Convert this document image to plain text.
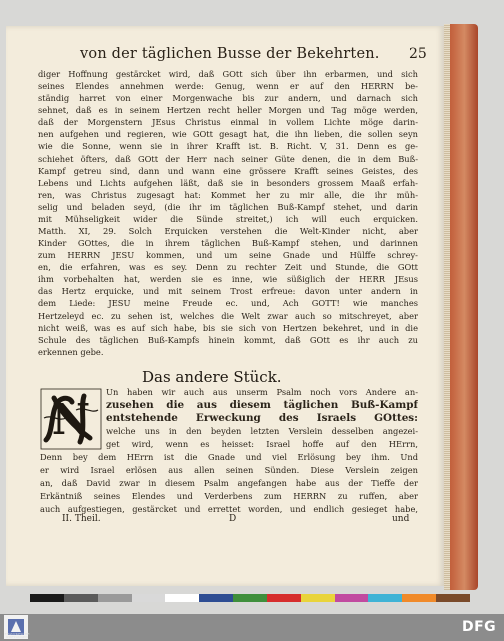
von der täglichen Busse der Bekehrten.	25
diger Hoffnung gestärcket wird, daß GOtt sich über ihn erbarmen, und sich
seines Elendes annehmen werde: Genug, wenn er auf den HERRN be-
ständig harret von einer Morgenwache bis zur andern, und darnach sich
sehnet, daß es in seinem Hertzen recht heller Morgen und Tag möge werden,
daß der Morgenstern JEsus Christus einmal in vollem Lichte möge darin-
nen aufgehen und regieren, wie GOtt gesagt hat, die ihn lieben, die sollen seyn
wie die Sonne, wenn sie in ihrer Krafft ist. B. Richt. V, 31. Denn es ge-
schiehet öfters, daß GOtt der Herr nach seiner Güte denen, die in dem Buß-
Kampf getreu sind, dann und wann eine grössere Krafft seines Geistes, des
Lebens und Lichts aufgehen läßt, daß sie in besonders grossem Maaß erfah-
ren, was Christus zugesagt hat: Kommet her zu mir alle, die ihr müh-
selig und beladen seyd, (die ihr im täglichen Buß-Kampf stehet, und darin
mit Mühseligkeit wider die Sünde streitet,) ich will euch erquicken.
Matth. XI, 29. Solch Erquicken verstehen die Welt-Kinder nicht, aber
Kinder GOttes, die in ihrem täglichen Buß-Kampf stehen, und darinnen
zum HERRN JESU kommen, und um seine Gnade und Hülffe schrey-
en, die erfahren, was es sey. Denn zu rechter Zeit und Stunde, die GOtt
ihm vorbehalten hat, werden sie es inne, wie süßiglich der HERR JEsus
das Hertz erquicke, und mit seinem Trost erfreue: davon unter andern in
dem Liede: JESU meine Freude ec. und, Ach GOTT! wie manches
Hertzeleyd ec. zu sehen ist, welches die Welt zwar auch so mitschreyet, aber
nicht weiß, was es auf sich habe, bis sie sich von Hertzen bekehret, und in die
Schule des täglichen Buß-Kampfs hinein kommt, daß GOtt es ihr auch zu
erkennen gebe.
Das andere Stück.
N
Un haben wir auch aus unserm Psalm noch vors Andere an-
zusehen die aus diesem täglichen Buß-Kampf
entstehende Erweckung des Israels GOttes:
welche uns in den beyden letzten Verslein desselben angezei-
get wird, wenn es heisset: Israel hoffe auf den HErrn,
Denn bey dem HErrn ist die Gnade und viel Erlösung bey ihm. Und
er wird Israel erlösen aus allen seinen Sünden. Diese Verslein zeigen
an, daß David zwar in diesem Psalm angefangen habe aus der Tieffe der
Erkäntniß seines Elendes und Verderbens zum HERRN zu ruffen, aber
auch aufgestiegen, gestärcket und errettet worden, und endlich gesieget habe,
II. Theil.	D	und
FRANCKESCHE STIFTUNGEN
DFG
